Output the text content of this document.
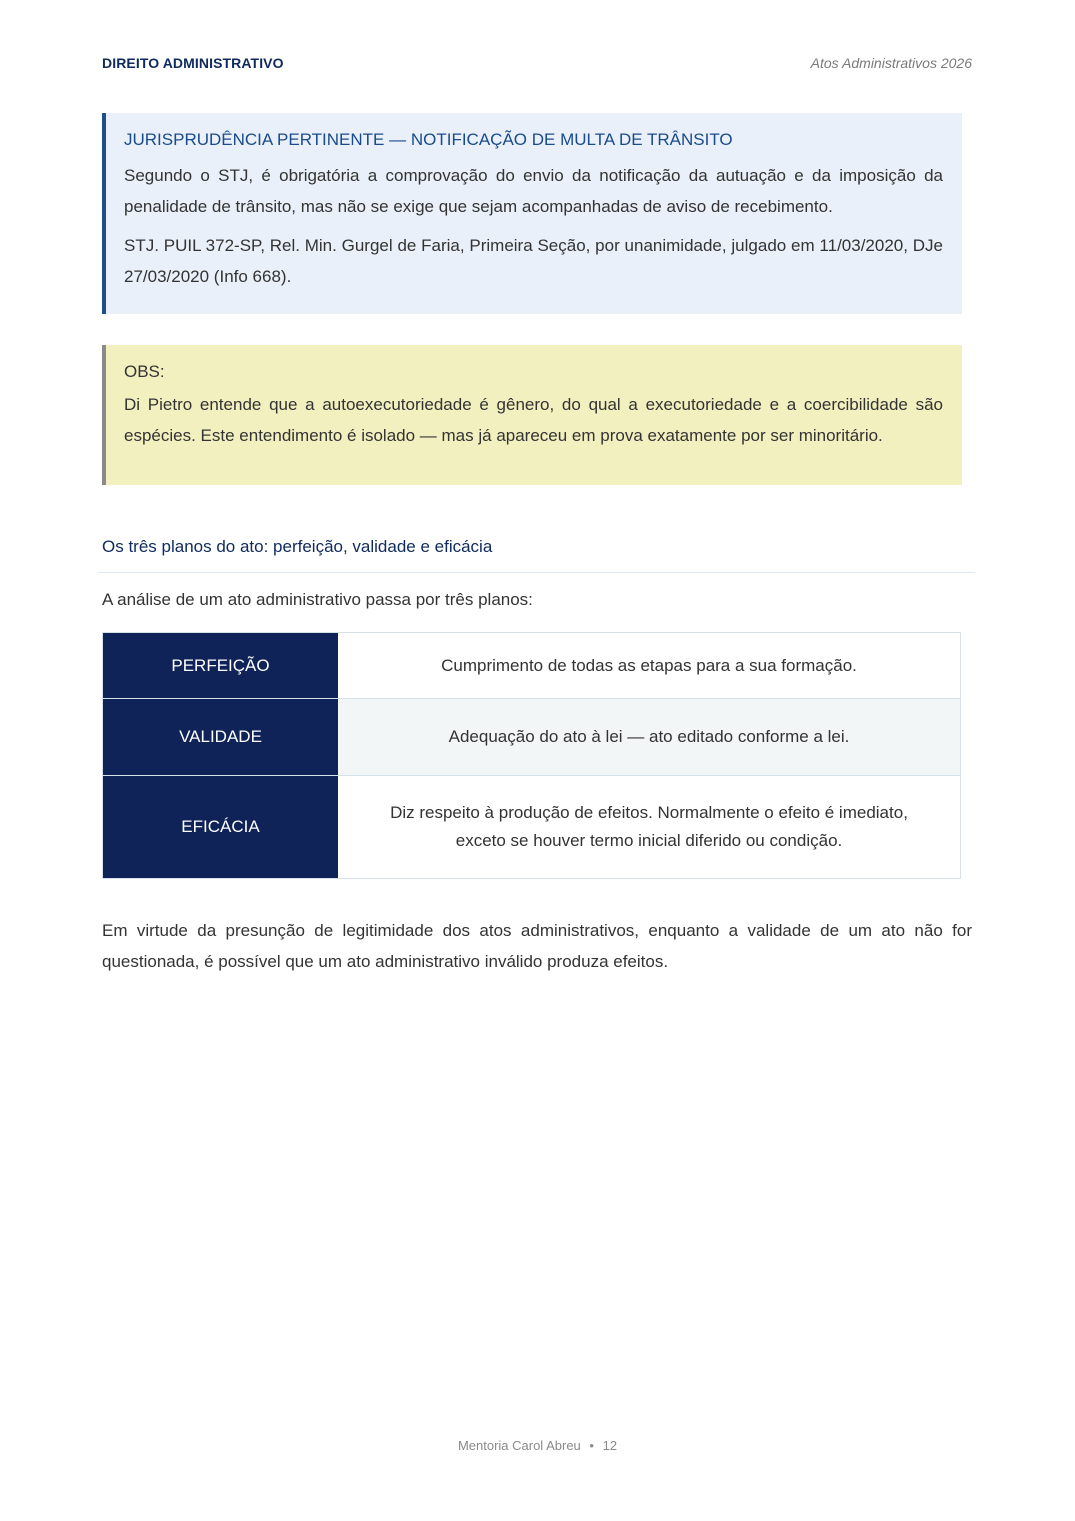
DIREITO ADMINISTRATIVO	Atos Administrativos 2026

JURISPRUDÊNCIA PERTINENTE — NOTIFICAÇÃO DE MULTA DE TRÂNSITO

Segundo o STJ, é obrigatória a comprovação do envio da notificação da autuação e da imposição da penalidade de trânsito, mas não se exige que sejam acompanhadas de aviso de recebimento.

STJ. PUIL 372-SP, Rel. Min. Gurgel de Faria, Primeira Seção, por unanimidade, julgado em 11/03/2020, DJe 27/03/2020 (Info 668).

OBS:

Di Pietro entende que a autoexecutoriedade é gênero, do qual a executoriedade e a coercibilidade são espécies. Este entendimento é isolado — mas já apareceu em prova exatamente por ser minoritário.

Os três planos do ato: perfeição, validade e eficácia
A análise de um ato administrativo passa por três planos:
PERFEIÇÃO	Cumprimento de todas as etapas para a sua formação.
VALIDADE	Adequação do ato à lei — ato editado conforme a lei.
EFICÁCIA	Diz respeito à produção de efeitos. Normalmente o efeito é imediato, exceto se houver termo inicial diferido ou condição.

Em virtude da presunção de legitimidade dos atos administrativos, enquanto a validade de um ato não for questionada, é possível que um ato administrativo inválido produza efeitos.

Mentoria Carol Abreu • 12
